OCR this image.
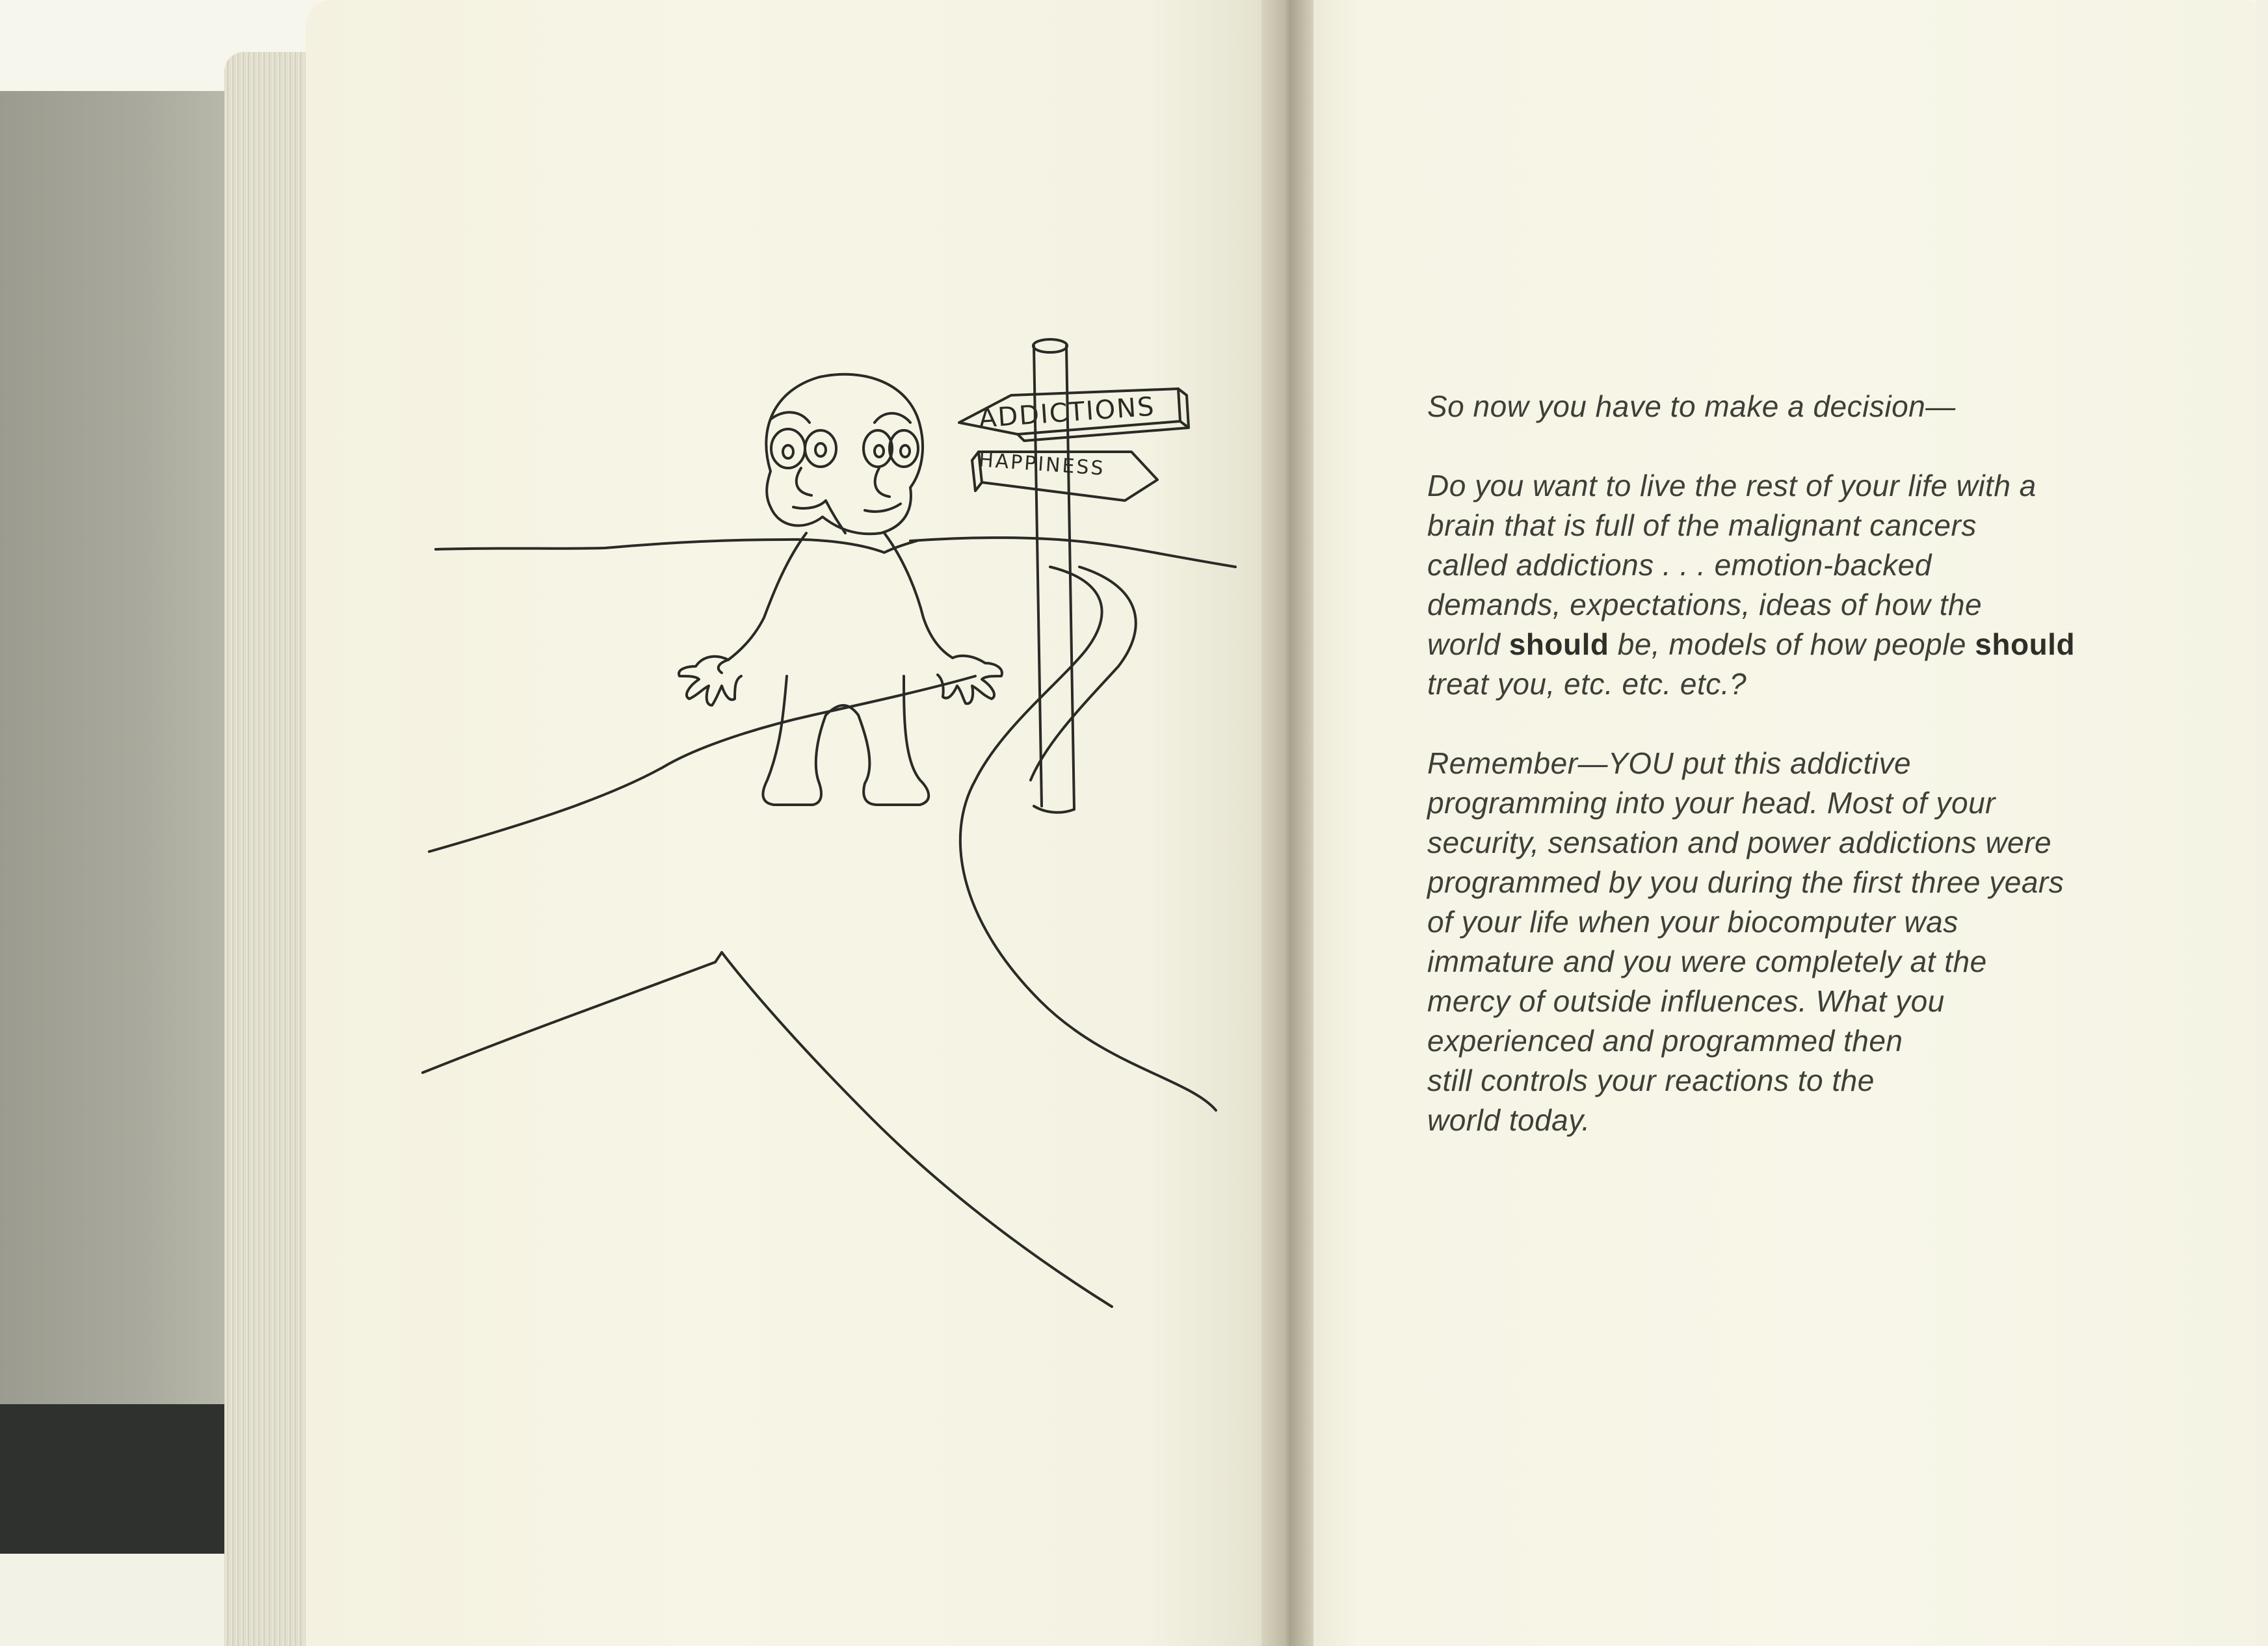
ADDICTIONS
HAPPINESS

So now you have to make a decision—

Do you want to live the rest of your life with a
brain that is full of the malignant cancers
called addictions . . . emotion-backed
demands, expectations, ideas of how the
world should be, models of how people should
treat you, etc. etc. etc.?

Remember—YOU put this addictive
programming into your head. Most of your
security, sensation and power addictions were
programmed by you during the first three years
of your life when your biocomputer was
immature and you were completely at the
mercy of outside influences. What you
experienced and programmed then
still controls your reactions to the
world today.
